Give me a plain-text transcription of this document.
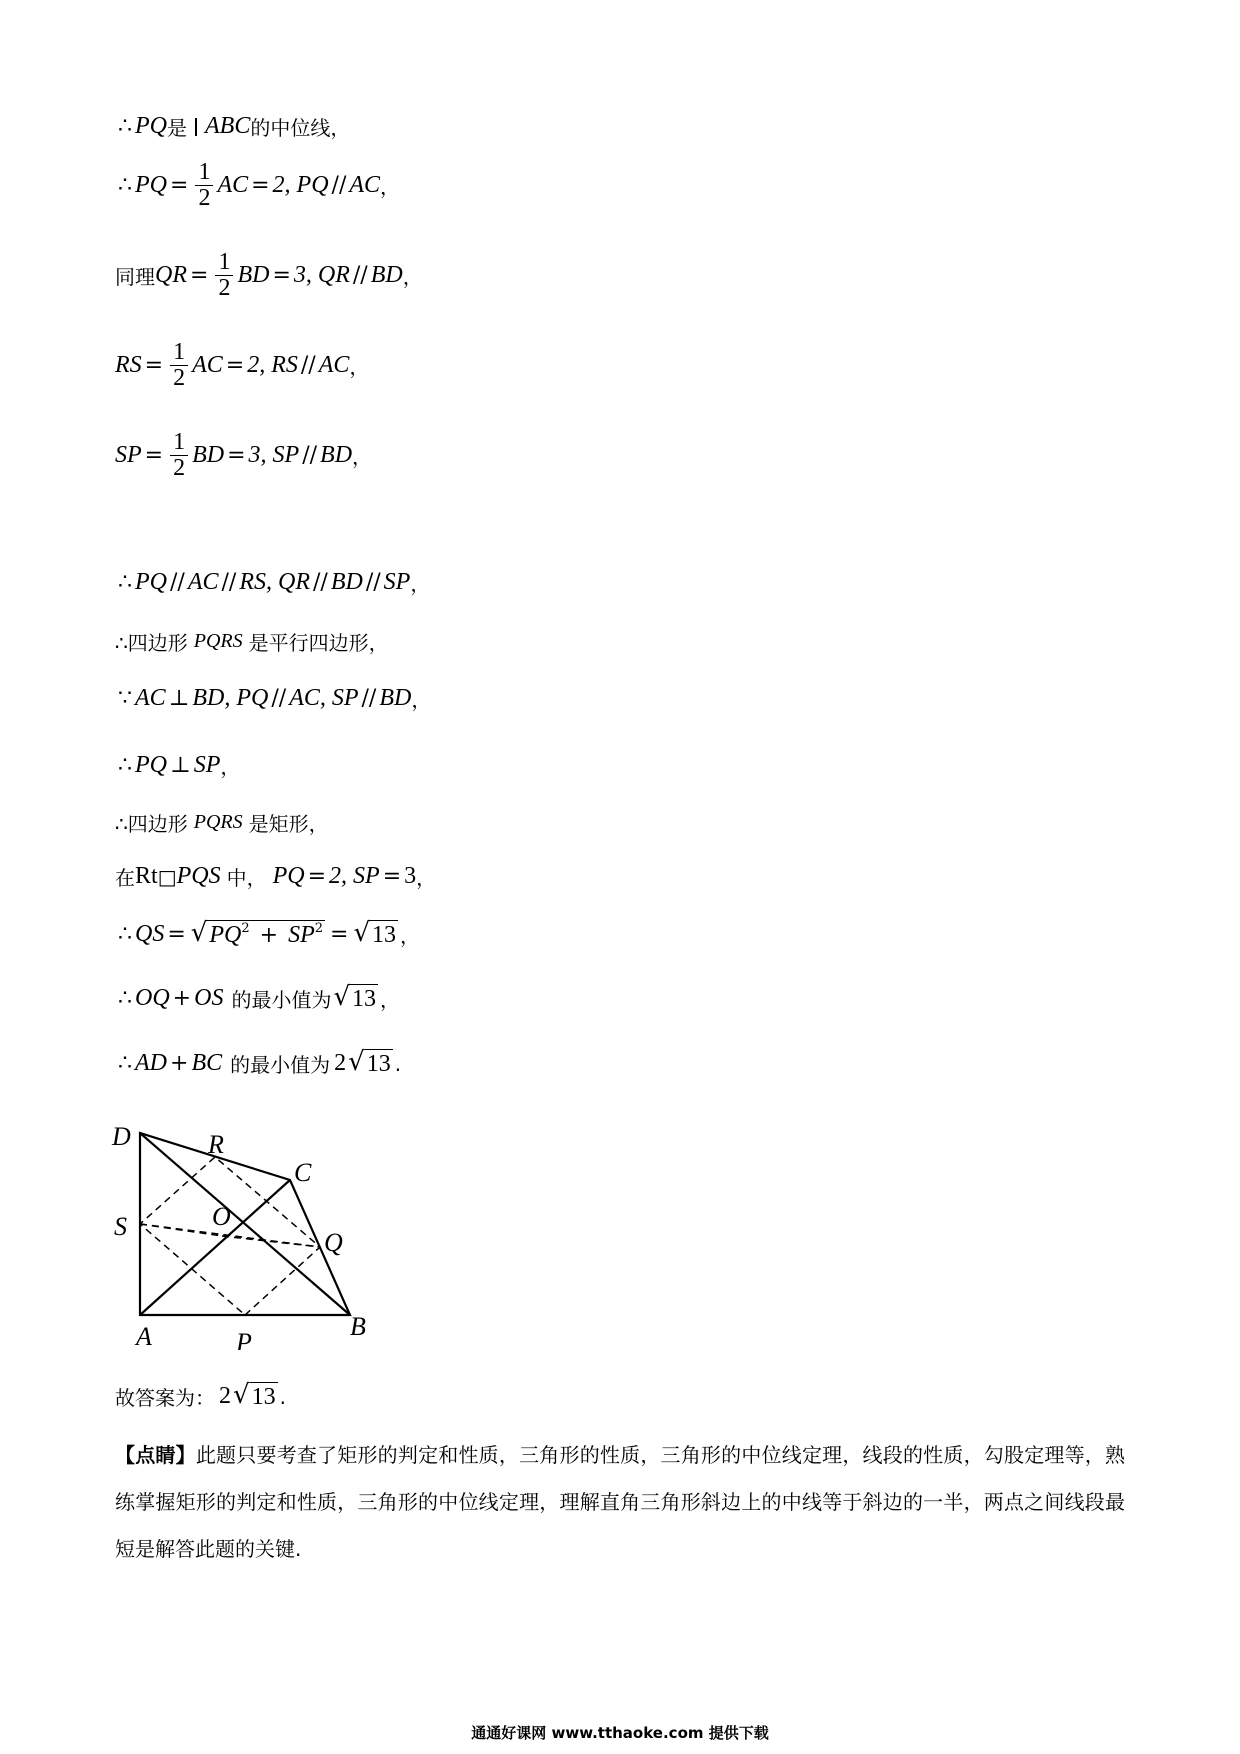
∴ PQ 是 ABC 的中位线，
∴ PQ = $\frac{1}{2}$ AC = 2, PQ // AC ，
同理 QR = $\frac{1}{2}$ BD = 3, QR // BD ，
RS = $\frac{1}{2}$ AC = 2, RS // AC ，
SP = $\frac{1}{2}$ BD = 3, SP // BD ，
∴ PQ // AC // RS, QR // BD // SP ，
∴四边形 PQRS 是平行四边形，
∵ AC ⊥ BD, PQ // AC, SP // BD ，
∴ PQ ⊥ SP ，
∴四边形 PQRS 是矩形，
在 Rt □ PQS 中， PQ = 2, SP = 3 ，
∴ QS = √ $PQ^2 + SP^2$ = √ 13 ，
∴ OQ + OS 的最小值为 √ 13 ，
∴ AD + BC 的最小值为 2 √ 13 .
D	R
C
O
S
Q
A	P
B
故答案为： 2 √ 13 .
【点睛】此题只要考查了矩形的判定和性质，三角形的性质，三角形的中位线定理，线段的性质，勾股定理等，熟练掌握矩形的判定和性质，三角形的中位线定理，理解直角三角形斜边上的中线等于斜边的一半，两点之间线段最短是解答此题的关键.
通通好课网 www.tthaoke.com 提供下载
